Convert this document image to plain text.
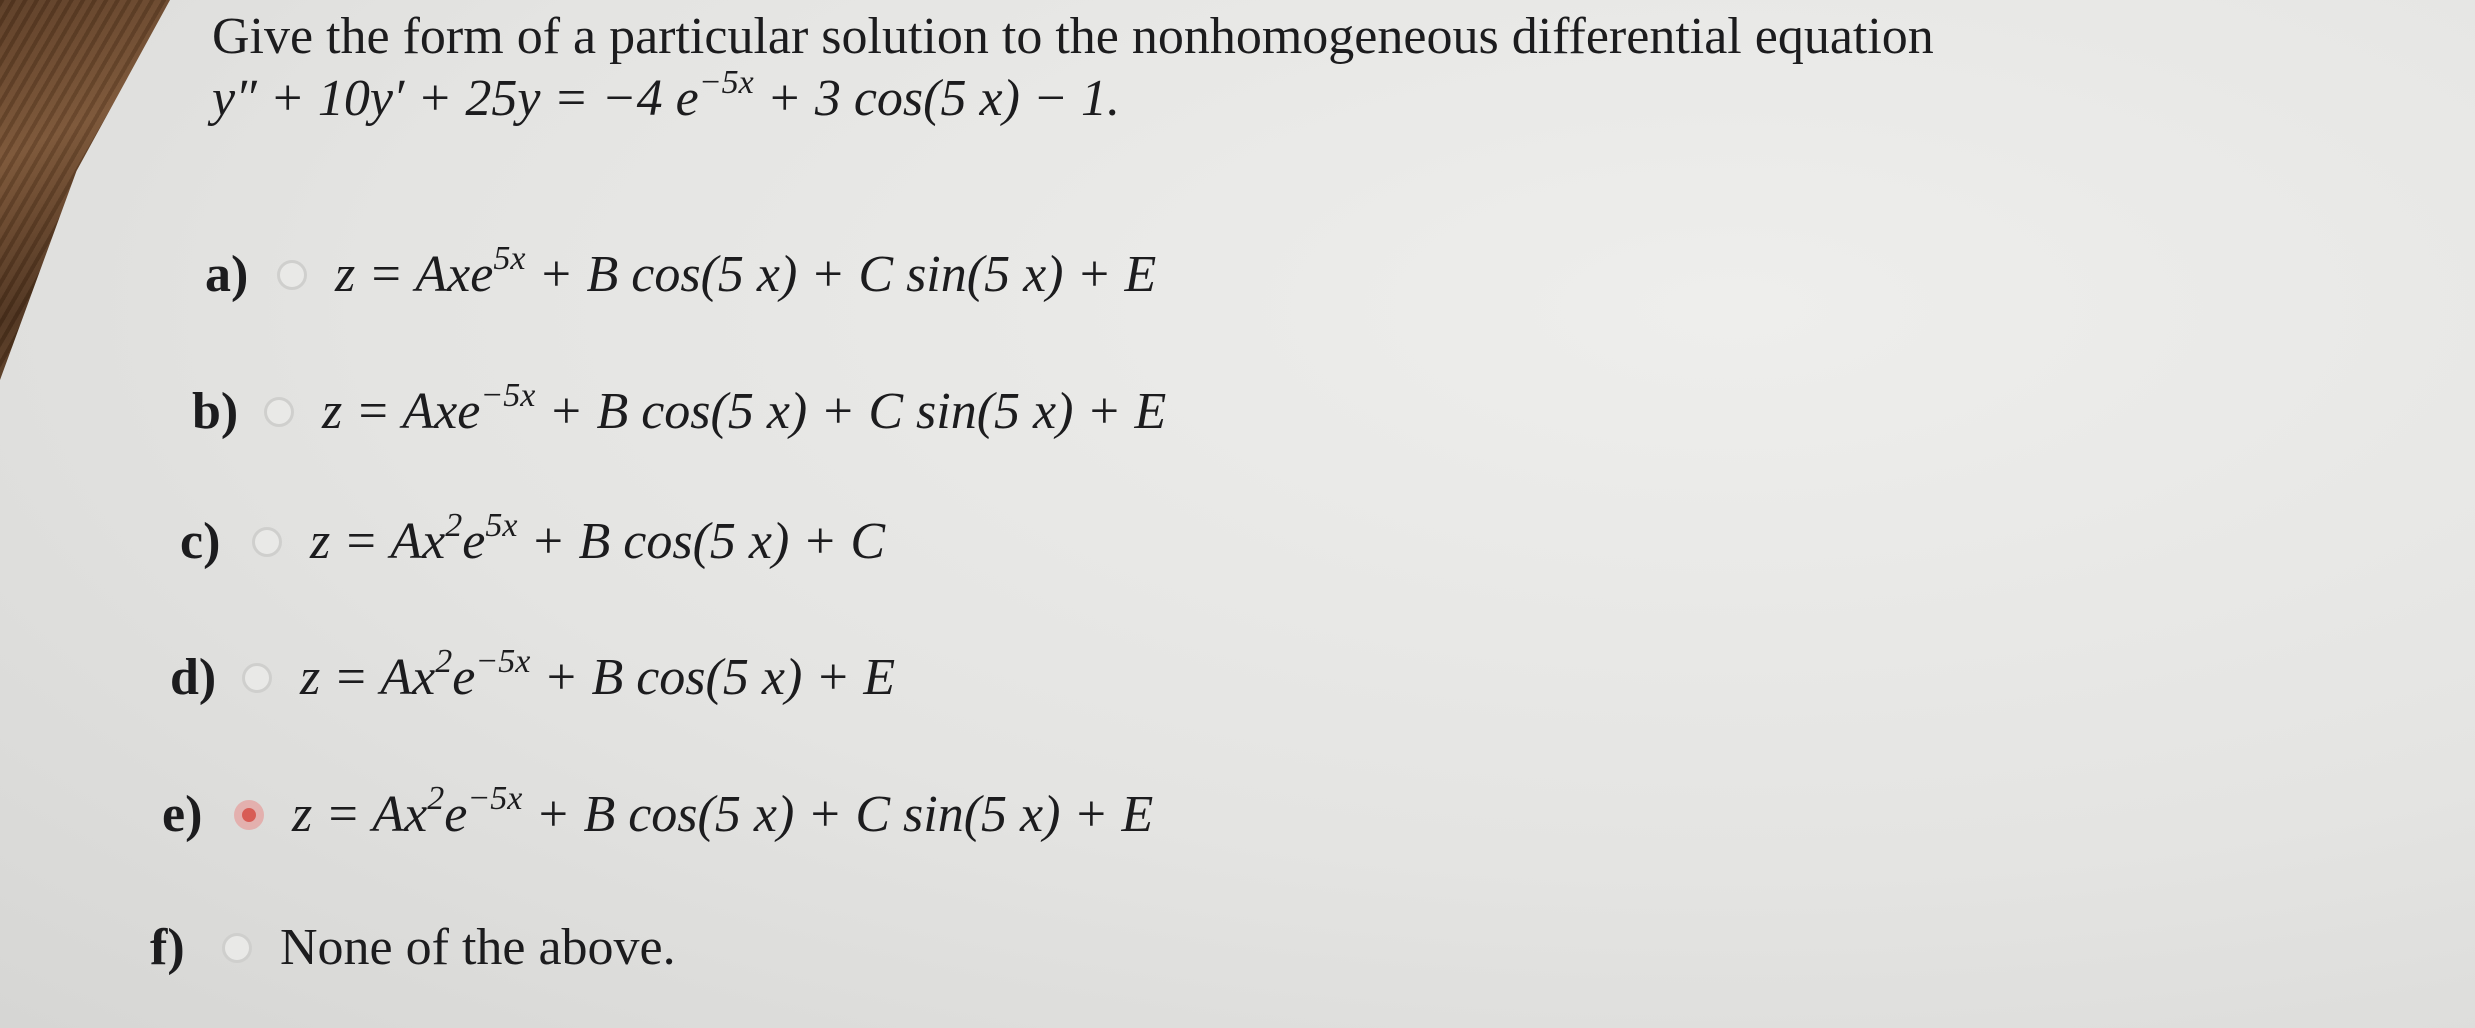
Give the form of a particular solution to the nonhomogeneous differential equation
y″ + 10y′ + 25y = −4 $e^{-5x} + 3$ cos(5 x) − 1.
a)	z = Axe$^{5x}$ + B cos(5 x) + C sin(5 x) + E
b)	z = Axe$^{-5x}$ + B cos(5 x) + C sin(5 x) + E
c)	$z = Ax^2e^{5x} + B$ cos(5 x) + C
d)	$z = Ax^2e^{-5x} + B$ cos(5 x) + E
e)	$z = Ax^2e^{-5x} + B$ cos(5 x) + C sin(5 x) + E
f)	None of the above.
